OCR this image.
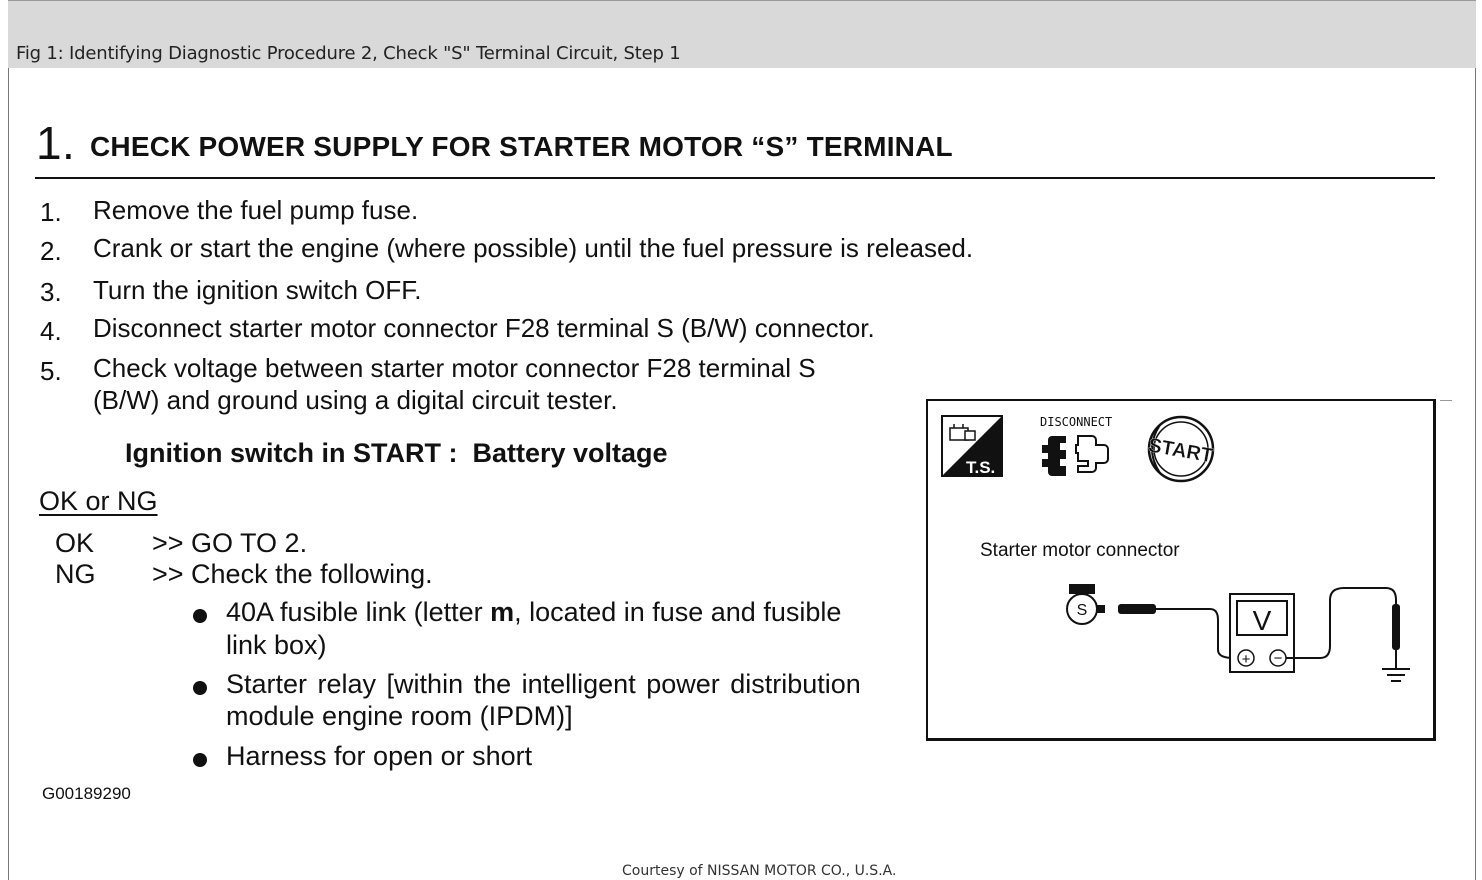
Fig 1: Identifying Diagnostic Procedure 2, Check "S" Terminal Circuit, Step 1
1 . CHECK POWER SUPPLY FOR STARTER MOTOR “S” TERMINAL
1. Remove the fuel pump fuse.
2. Crank or start the engine (where possible) until the fuel pressure is released.
3. Turn the ignition switch OFF.
4. Disconnect starter motor connector F28 terminal S (B/W) connector.
5. Check voltage between starter motor connector F28 terminal S
(B/W) and ground using a digital circuit tester.
Ignition switch in START :  Battery voltage
OK or NG
OK >> GO TO 2.
NG >> Check the following.
40A fusible link (letter m, located in fuse and fusible
link box)
Starter relay [within the intelligent power distribution
module engine room (IPDM)]
Harness for open or short
G00189290
Courtesy of NISSAN MOTOR CO., U.S.A.
Starter motor connector
T.S.
DISCONNECT
START
S	V
+ −
